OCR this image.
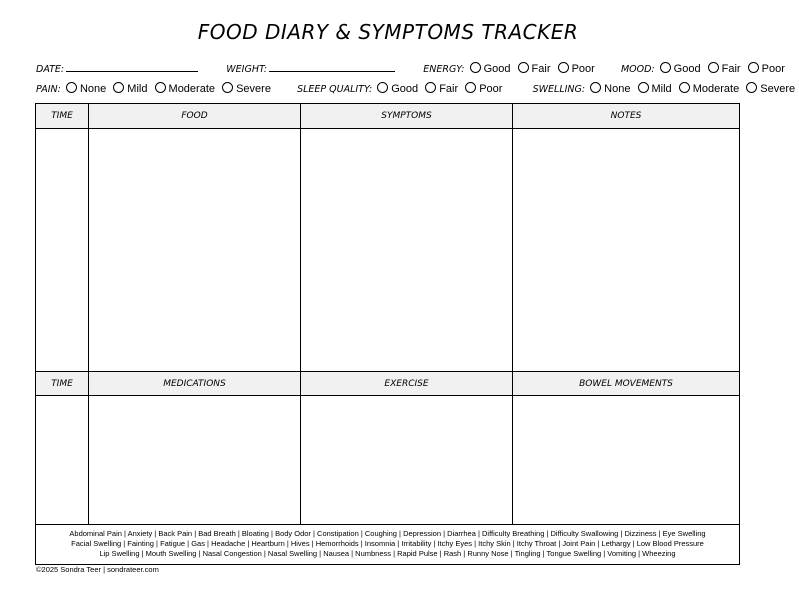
FOOD DIARY & SYMPTOMS TRACKER
DATE:	WEIGHT:	ENERGY: Good Fair Poor	MOOD: Good Fair Poor
PAIN: None Mild Moderate Severe	SLEEP QUALITY: Good Fair Poor	SWELLING: None Mild Moderate Severe
TIME	FOOD	SYMPTOMS	NOTES
TIME	MEDICATIONS	EXERCISE	BOWEL MOVEMENTS
Abdominal Pain | Anxiety | Back Pain | Bad Breath | Bloating | Body Odor | Constipation | Coughing | Depression | Diarrhea | Difficulty Breathing | Difficulty Swallowing | Dizziness | Eye Swelling
Facial Swelling | Fainting | Fatigue | Gas | Headache | Heartburn | Hives | Hemorrhoids | Insomnia | Irritability | Itchy Eyes | Itchy Skin | Itchy Throat | Joint Pain | Lethargy | Low Blood Pressure
Lip Swelling | Mouth Swelling | Nasal Congestion | Nasal Swelling | Nausea | Numbness | Rapid Pulse | Rash | Runny Nose | Tingling | Tongue Swelling | Vomiting | Wheezing
©2025 Sondra Teer | sondrateer.com
